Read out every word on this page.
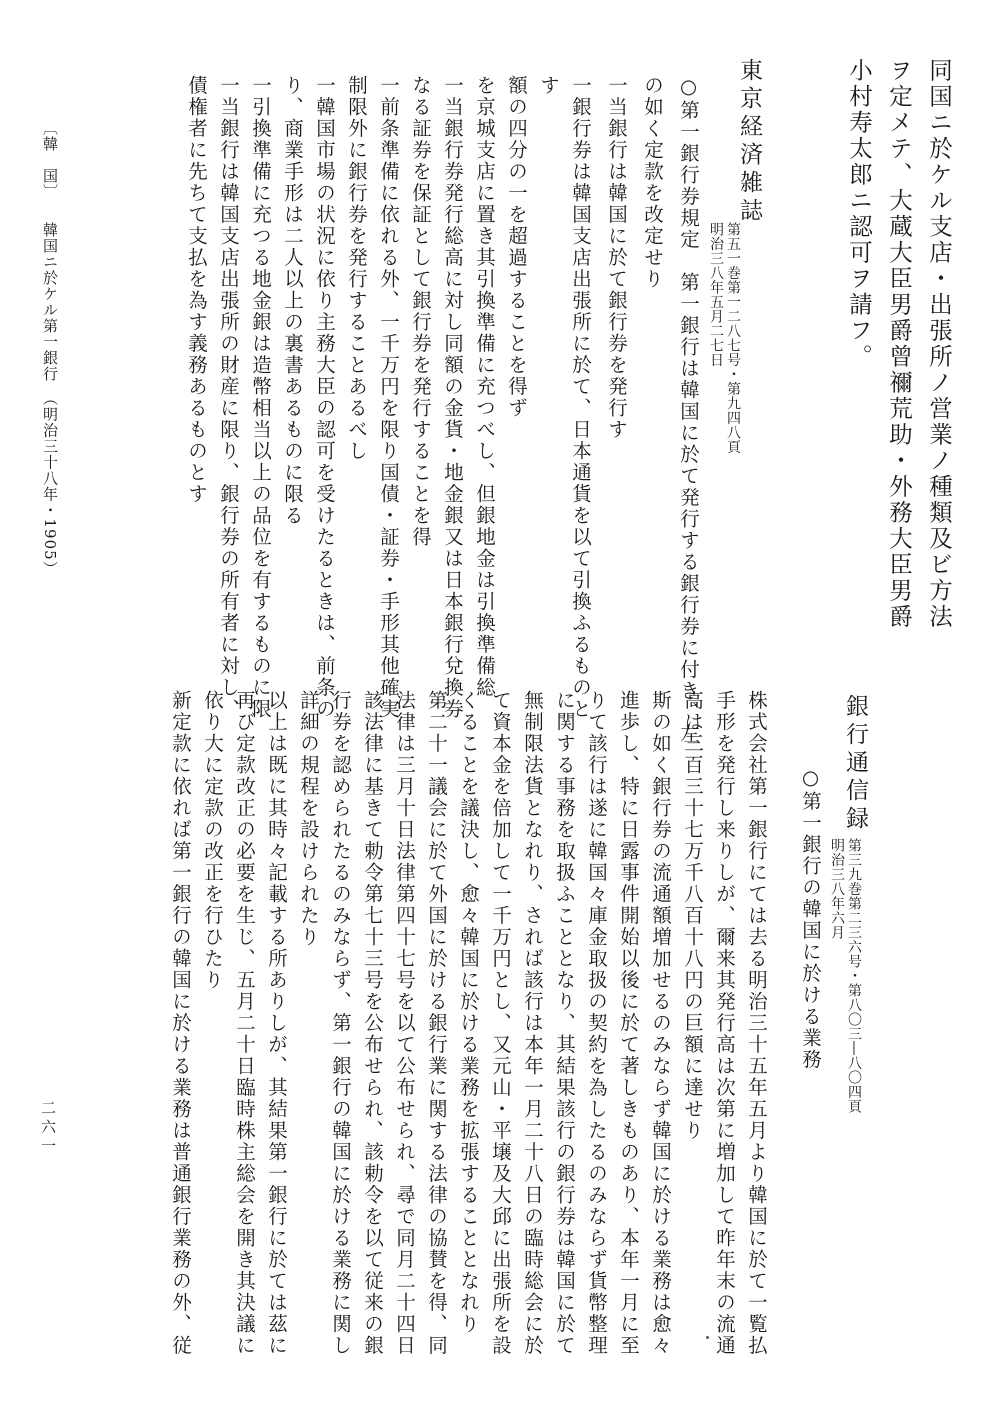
同国ニ於ケル支店・出張所ノ営業ノ種類及ビ方法

ヲ定メテ、大蔵大臣男爵曾禰荒助・外務大臣男爵

小村寿太郎ニ認可ヲ請フ。

東京経済雑誌

第五一巻第一二八七号・第九四八頁

明治三八年五月二七日

一銀行券は韓国支店出張所に於て、日本通貨を以て引換ふるものと

す 一当銀行は韓国に於て銀行券を発行す の如く定款を改定せり ○第一銀行券規定　第一銀行は韓国に於て発行する銀行券に付き、左

額の四分の一を超過することを得ず

を京城支店に置き其引換準備に充つべし、但銀地金は引換準備総

一当銀行券発行総高に対し同額の金貨・地金銀又は日本銀行兌換券

なる証券を保証として銀行券を発行することを得

一前条準備に依れる外、一千万円を限り国債・証券・手形其他確実

制限外に銀行券を発行することあるべし

一韓国市場の状況に依り主務大臣の認可を受けたるときは、前条の

り、商業手形は二人以上の裏書あるものに限る

一引換準備に充つる地金銀は造幣相当以上の品位を有するものに限

債権者に先ちて支払を為す義務あるものとす 一当銀行は韓国支店出張所の財産に限り、銀行券の所有者に対し、

銀行通信録

第三九巻第二三六号・第八〇三―八〇四頁

明治三八年六月

○第一銀行の韓国に於ける業務

株式会社第一銀行にては去る明治三十五年五月より韓国に於て一覧払

手形を発行し来りしが、爾来其発行高は次第に増加して昨年末の流通

高は三百三十七万千八百十八円の巨額に達せり

斯の如く銀行券の流通額増加せるのみならず韓国に於ける業務は愈々

進歩し、特に日露事件開始以後に於て著しきものあり、本年一月に至

りて該行は遂に韓国々庫金取扱の契約を為したるのみならず貨幣整理

に関する事務を取扱ふこととなり、其結果該行の銀行券は韓国に於て

無制限法貨となれり、されば該行は本年一月二十八日の臨時総会に於

て資本金を倍加して一千万円とし、又元山・平壌及大邱に出張所を設

くることを議決し、愈々韓国に於ける業務を拡張することとなれり

第二十一議会に於て外国に於ける銀行業に関する法律の協賛を得、同

法律は三月十日法律第四十七号を以て公布せられ、尋で同月二十四日

該法律に基きて勅令第七十三号を公布せられ、該勅令を以て従来の銀

行券を認められたるのみならず、第一銀行の韓国に於ける業務に関し

詳細の規程を設けられたり

以上は既に其時々記載する所ありしが、其結果第一銀行に於ては茲に

再び定款改正の必要を生じ、五月二十日臨時株主総会を開き其決議に

依り大に定款の改正を行ひたり

新定款に依れば第一銀行の韓国に於ける業務は普通銀行業務の外、従

〔韓　国〕

韓国ニ於ケル第一銀行　（明治三十八年・1905）

二六一
